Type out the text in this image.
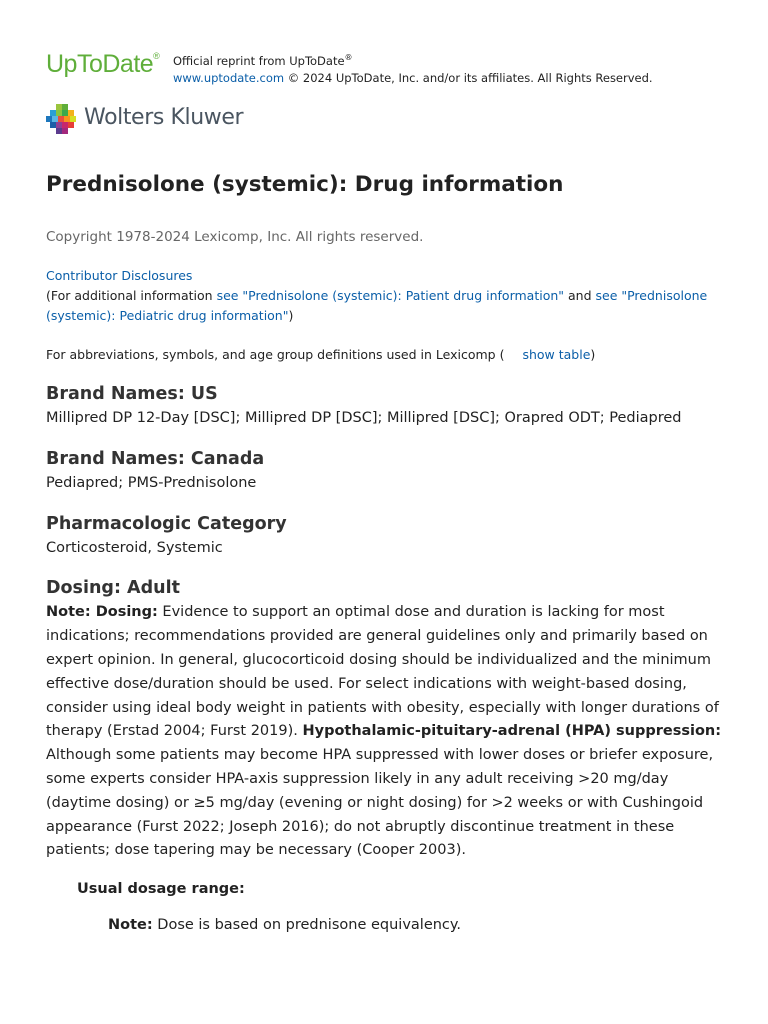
UpToDate® Official reprint from UpToDate®
www.uptodate.com © 2024 UpToDate, Inc. and/or its affiliates. All Rights Reserved.
Wolters Kluwer
Prednisolone (systemic): Drug information
Copyright 1978-2024 Lexicomp, Inc. All rights reserved.
Contributor Disclosures
(For additional information see "Prednisolone (systemic): Patient drug information" and see "Prednisolone (systemic): Pediatric drug information")
For abbreviations, symbols, and age group definitions used in Lexicomp ( show table)
Brand Names: US

Millipred DP 12-Day [DSC]; Millipred DP [DSC]; Millipred [DSC]; Orapred ODT; Pediapred

Brand Names: Canada

Pediapred; PMS-Prednisolone

Pharmacologic Category

Corticosteroid, Systemic

Dosing: Adult

Note: Dosing: Evidence to support an optimal dose and duration is lacking for most indications; recommendations provided are general guidelines only and primarily based on expert opinion. In general, glucocorticoid dosing should be individualized and the minimum effective dose/duration should be used. For select indications with weight-based dosing, consider using ideal body weight in patients with obesity, especially with longer durations of therapy (Erstad 2004; Furst 2019). Hypothalamic-pituitary-adrenal (HPA) suppression: Although some patients may become HPA suppressed with lower doses or briefer exposure, some experts consider HPA-axis suppression likely in any adult receiving >20 mg/day (daytime dosing) or ≥5 mg/day (evening or night dosing) for >2 weeks or with Cushingoid appearance (Furst 2022; Joseph 2016); do not abruptly discontinue treatment in these patients; dose tapering may be necessary (Cooper 2003).

Usual dosage range:
Note: Dose is based on prednisone equivalency.
